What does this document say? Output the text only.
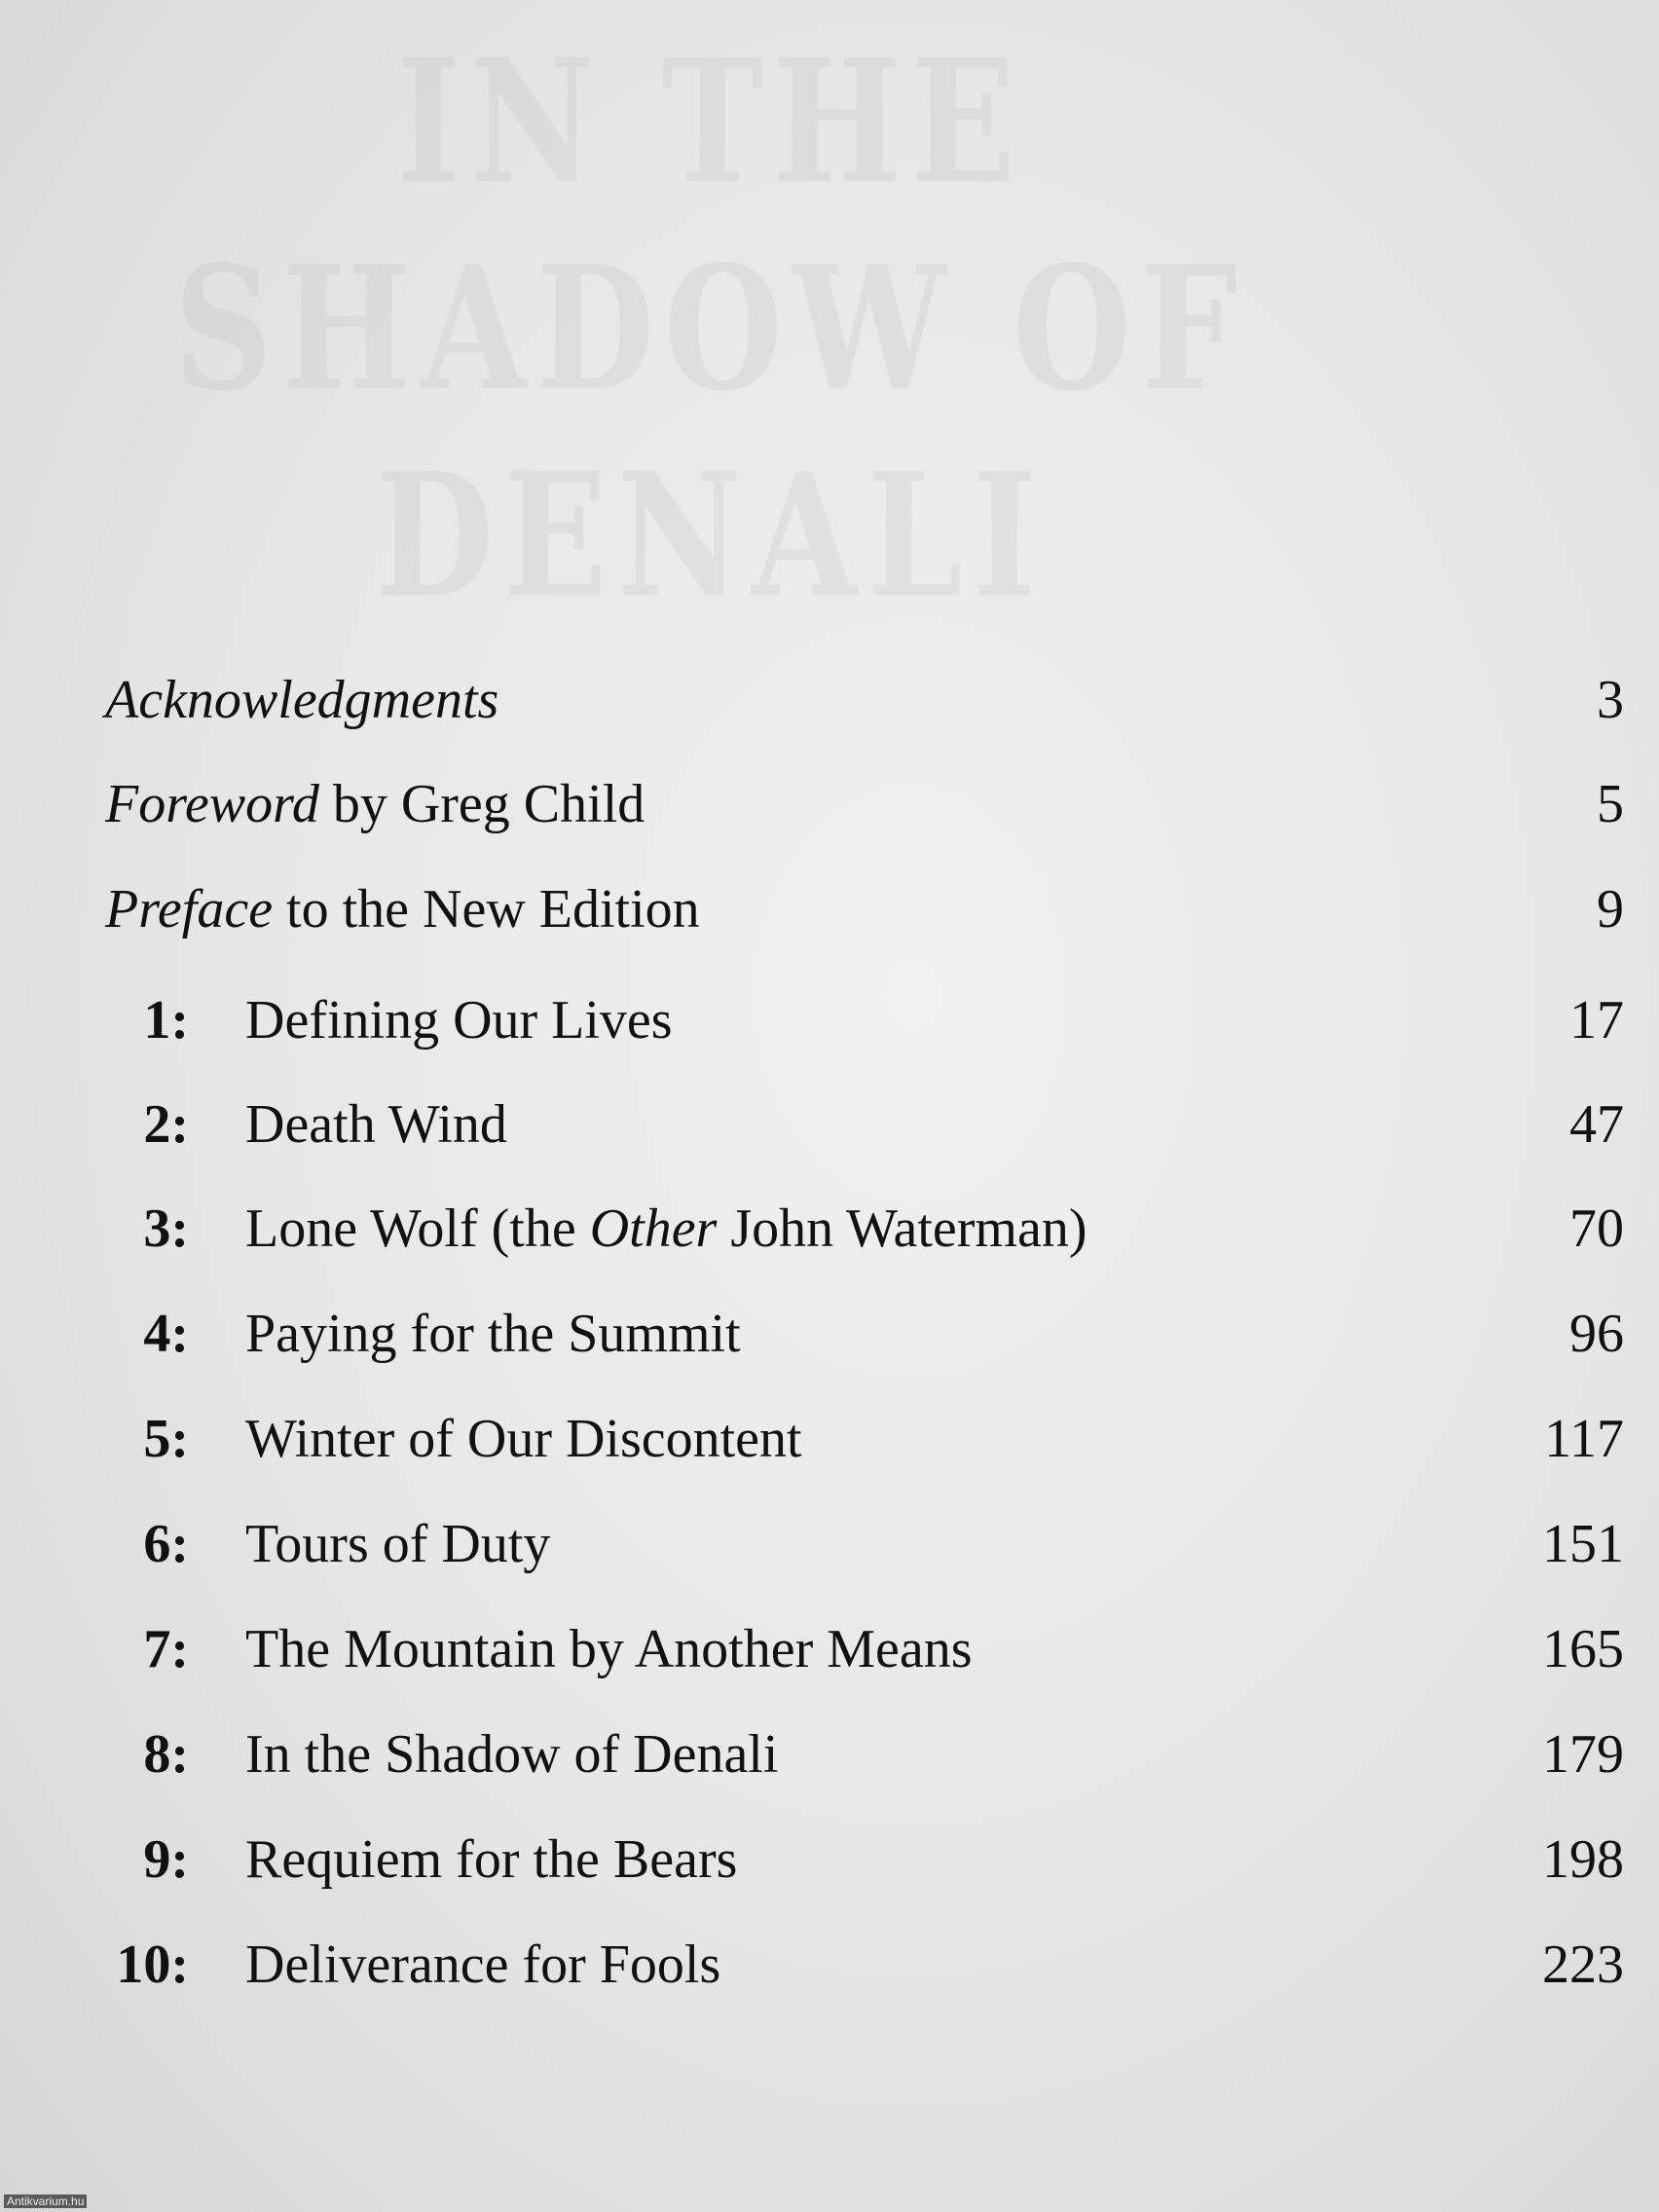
Acknowledgments	3
Foreword by Greg Child	5
Preface to the New Edition	9
1: Defining Our Lives	17
2: Death Wind	47
3: Lone Wolf (the Other John Waterman)	70
4: Paying for the Summit	96
5: Winter of Our Discontent	117
6: Tours of Duty	151
7: The Mountain by Another Means	165
8: In the Shadow of Denali	179
9: Requiem for the Bears	198
10: Deliverance for Fools	223
Antikvarium.hu
